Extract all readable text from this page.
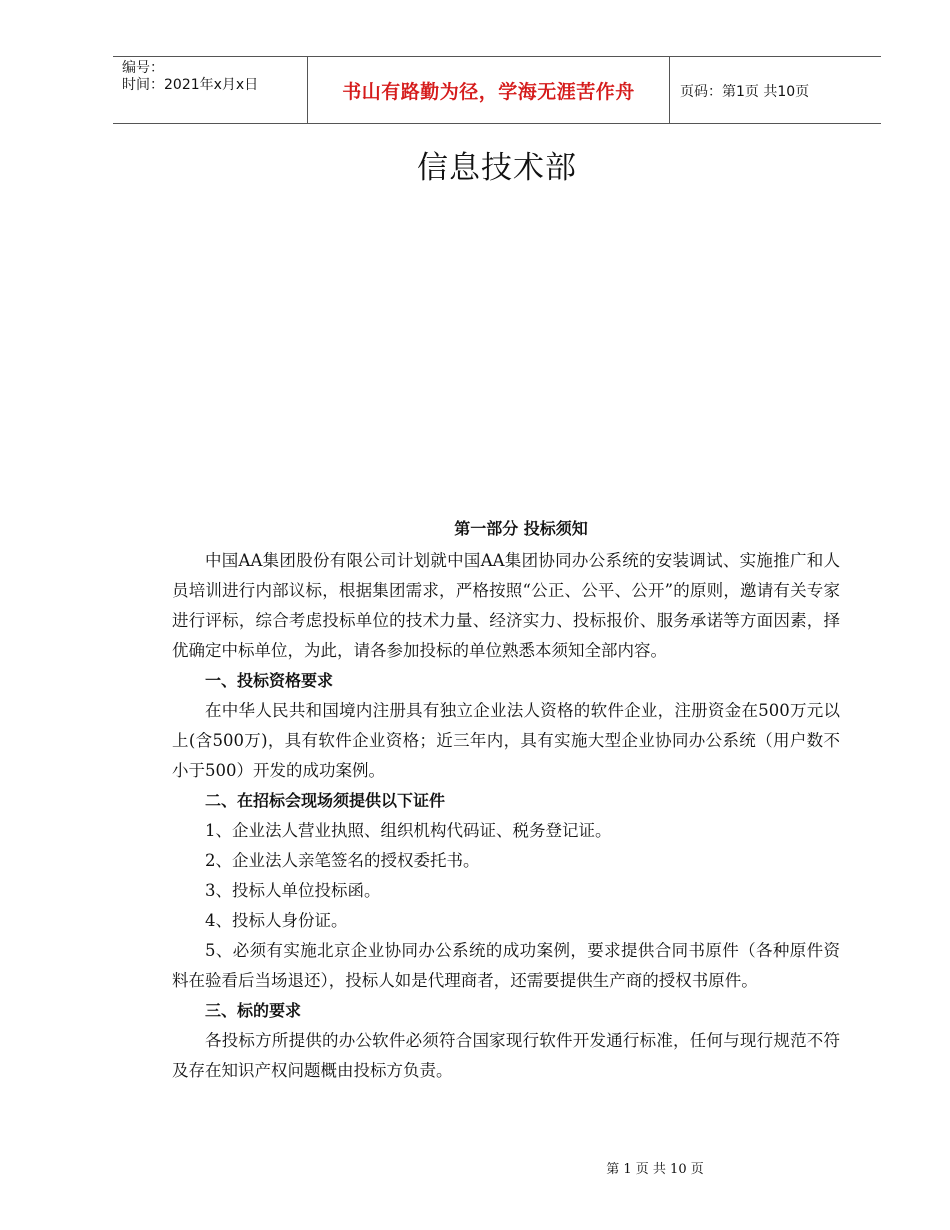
编号：
时间：2021年x月x日	书山有路勤为径，学海无涯苦作舟	页码：第1页 共10页
信息技术部

第一部分 投标须知

中国AA集团股份有限公司计划就中国AA集团协同办公系统的安装调试、实施推广和人员培训进行内部议标，根据集团需求，严格按照“公正、公平、公开”的原则，邀请有关专家进行评标，综合考虑投标单位的技术力量、经济实力、投标报价、服务承诺等方面因素，择优确定中标单位，为此，请各参加投标的单位熟悉本须知全部内容。

一、投标资格要求

在中华人民共和国境内注册具有独立企业法人资格的软件企业，注册资金在500万元以上(含500万)，具有软件企业资格；近三年内，具有实施大型企业协同办公系统（用户数不小于500）开发的成功案例。

二、在招标会现场须提供以下证件

1、企业法人营业执照、组织机构代码证、税务登记证。

2、企业法人亲笔签名的授权委托书。

3、投标人单位投标函。

4、投标人身份证。

5、必须有实施北京企业协同办公系统的成功案例，要求提供合同书原件（各种原件资料在验看后当场退还），投标人如是代理商者，还需要提供生产商的授权书原件。

三、标的要求

各投标方所提供的办公软件必须符合国家现行软件开发通行标准，任何与现行规范不符及存在知识产权问题概由投标方负责。

第 1 页 共 10 页
